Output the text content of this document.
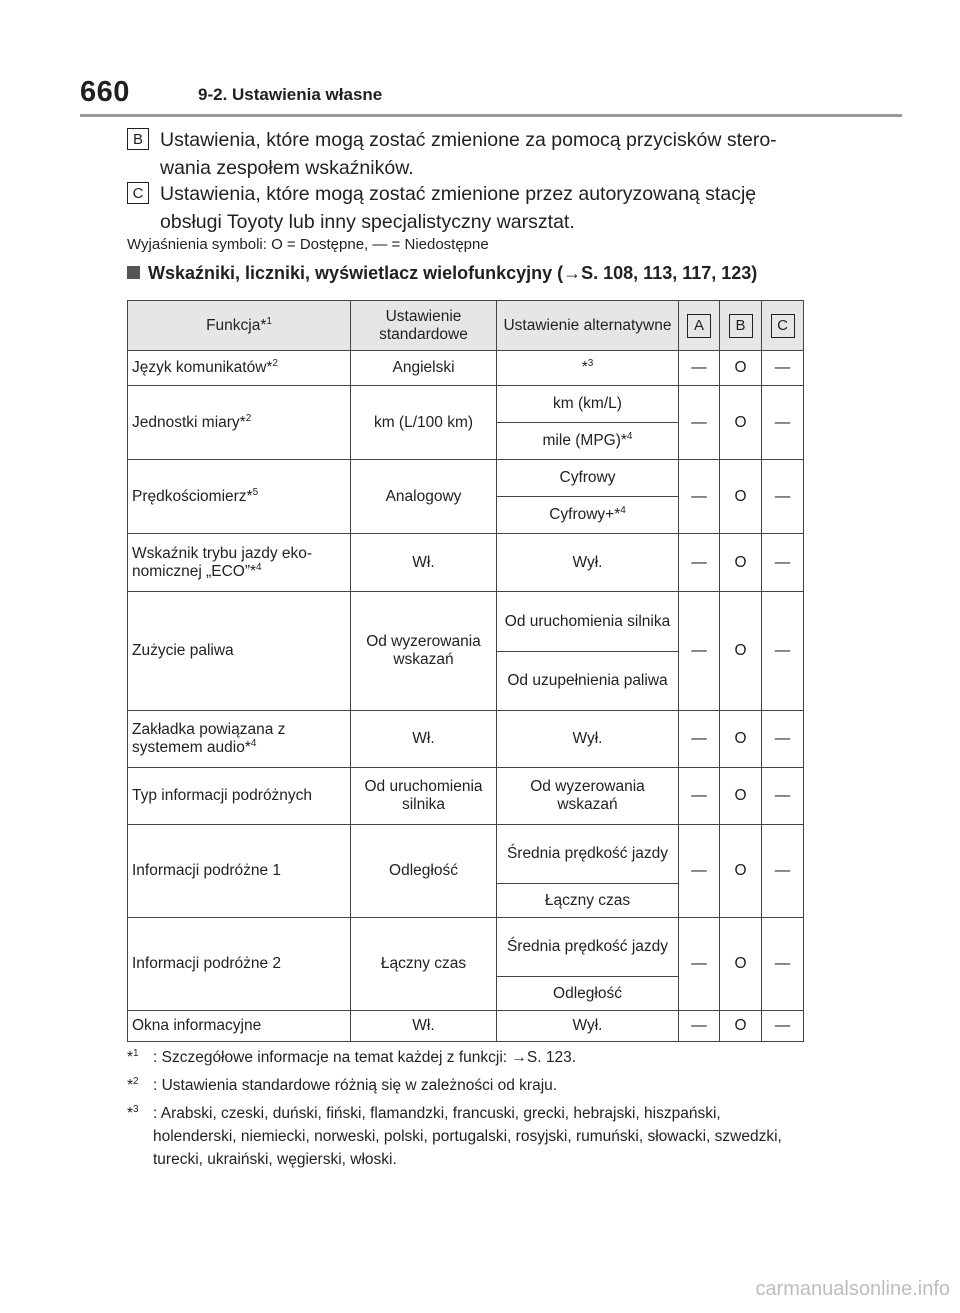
660	9-2. Ustawienia własne
B Ustawienia, które mogą zostać zmienione za pomocą przycisków stero- wania zespołem wskaźników.
C Ustawienia, które mogą zostać zmienione przez autoryzowaną stację obsługi Toyoty lub inny specjalistyczny warsztat.
Wyjaśnienia symboli: O = Dostępne, — = Niedostępne
Wskaźniki, liczniki, wyświetlacz wielofunkcyjny (→S. 108, 113, 117, 123)
Funkcja*$^1$	Ustawienie standardowe	Ustawienie alternatywne	A	B	C
Język komunikatów*$^2$	Angielski	*$^3$	—	O	—
Jednostki miary*$^2$	km (L/100 km)	km (km/L)	—	O	—
		mile (MPG)*$^4$
Prędkościomierz*$^5$	Analogowy	Cyfrowy	—	O	—
		Cyfrowy+*$^4$
Wskaźnik trybu jazdy eko- nomicznej „ECO”*$^4$	Wł.	Wył.	—	O	—
Zużycie paliwa	Od wyzerowania wskazań	Od uruchomienia silnika	—	O	—
		Od uzupełnienia paliwa			
Zakładka powiązana z systemem audio*$^4$	Wł.	Wył.	—	O	—
Typ informacji podróżnych	Od uruchomienia silnika	Od wyzerowania wskazań	—	O	—
Informacji podróżne 1	Odległość	Średnia prędkość jazdy	—	O	—
		Łączny czas			
Informacji podróżne 2	Łączny czas	Średnia prędkość jazdy	—	O	—
		Odległość			
Okna informacyjne	Wł.	Wył.	—	O	—
*$^1$ : Szczegółowe informacje na temat każdej z funkcji: →S. 123.
*$^2$ : Ustawienia standardowe różnią się w zależności od kraju.
*$^3$ : Arabski, czeski, duński, fiński, flamandzki, francuski, grecki, hebrajski, hiszpański, holenderski, niemiecki, norweski, polski, portugalski, rosyjski, rumuński, słowacki, szwedzki, turecki, ukraiński, węgierski, włoski.
carmanualsonline.info
